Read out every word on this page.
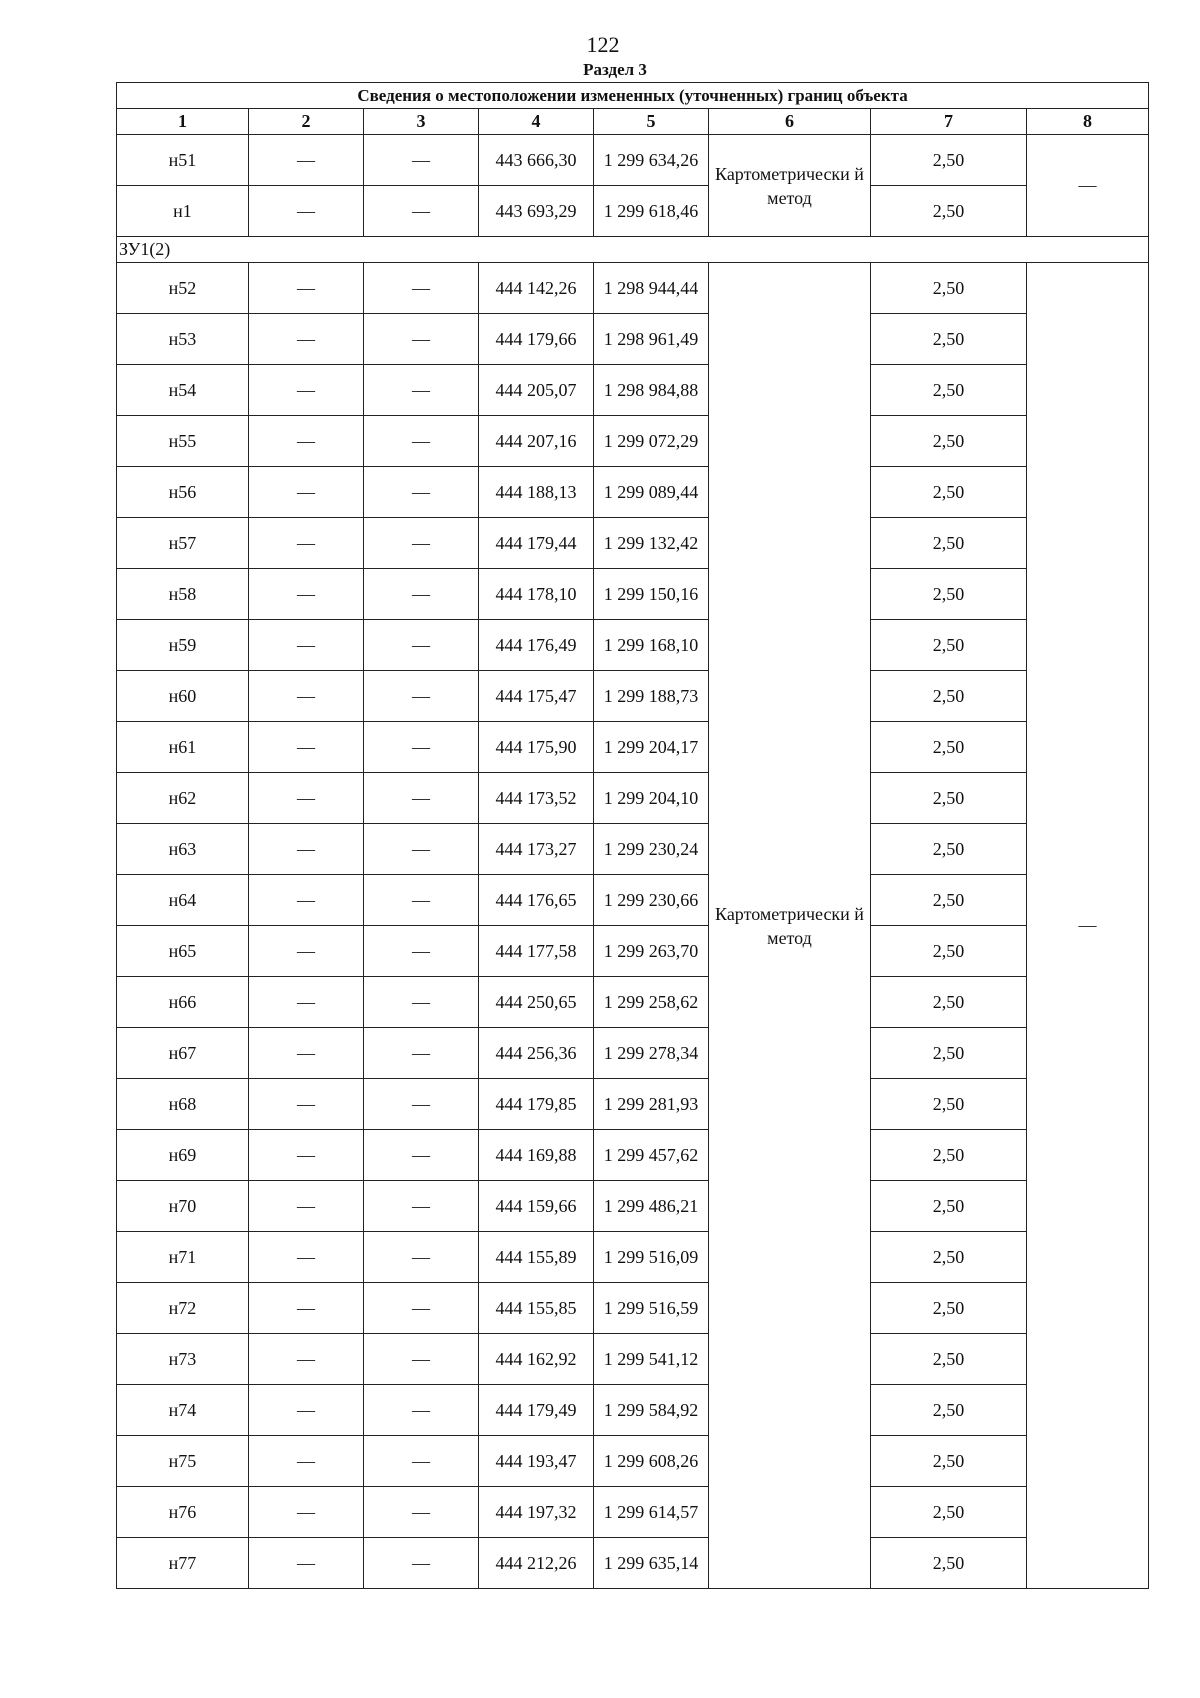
122
Раздел 3
Сведения о местоположении измененных (уточненных) границ объекта							
1	2	3	4	5	6	7	8
н51	—	—	443 666,30	1 299 634,26	Картометрически й метод	2,50	—
н1	—	—	443 693,29	1 299 618,46		2,50	
ЗУ1(2)							
н52	—	—	444 142,26	1 298 944,44	Картометрически й метод	2,50	—
н53	—	—	444 179,66	1 298 961,49		2,50	
н54	—	—	444 205,07	1 298 984,88		2,50	
н55	—	—	444 207,16	1 299 072,29		2,50	
н56	—	—	444 188,13	1 299 089,44		2,50	
н57	—	—	444 179,44	1 299 132,42		2,50	
н58	—	—	444 178,10	1 299 150,16		2,50	
н59	—	—	444 176,49	1 299 168,10		2,50	
н60	—	—	444 175,47	1 299 188,73		2,50	
н61	—	—	444 175,90	1 299 204,17		2,50	
н62	—	—	444 173,52	1 299 204,10		2,50	
н63	—	—	444 173,27	1 299 230,24		2,50	
н64	—	—	444 176,65	1 299 230,66		2,50	
н65	—	—	444 177,58	1 299 263,70		2,50	
н66	—	—	444 250,65	1 299 258,62		2,50	
н67	—	—	444 256,36	1 299 278,34		2,50	
н68	—	—	444 179,85	1 299 281,93		2,50	
н69	—	—	444 169,88	1 299 457,62		2,50	
н70	—	—	444 159,66	1 299 486,21		2,50	
н71	—	—	444 155,89	1 299 516,09		2,50	
н72	—	—	444 155,85	1 299 516,59		2,50	
н73	—	—	444 162,92	1 299 541,12		2,50	
н74	—	—	444 179,49	1 299 584,92		2,50	
н75	—	—	444 193,47	1 299 608,26		2,50	
н76	—	—	444 197,32	1 299 614,57		2,50	
н77	—	—	444 212,26	1 299 635,14		2,50	
